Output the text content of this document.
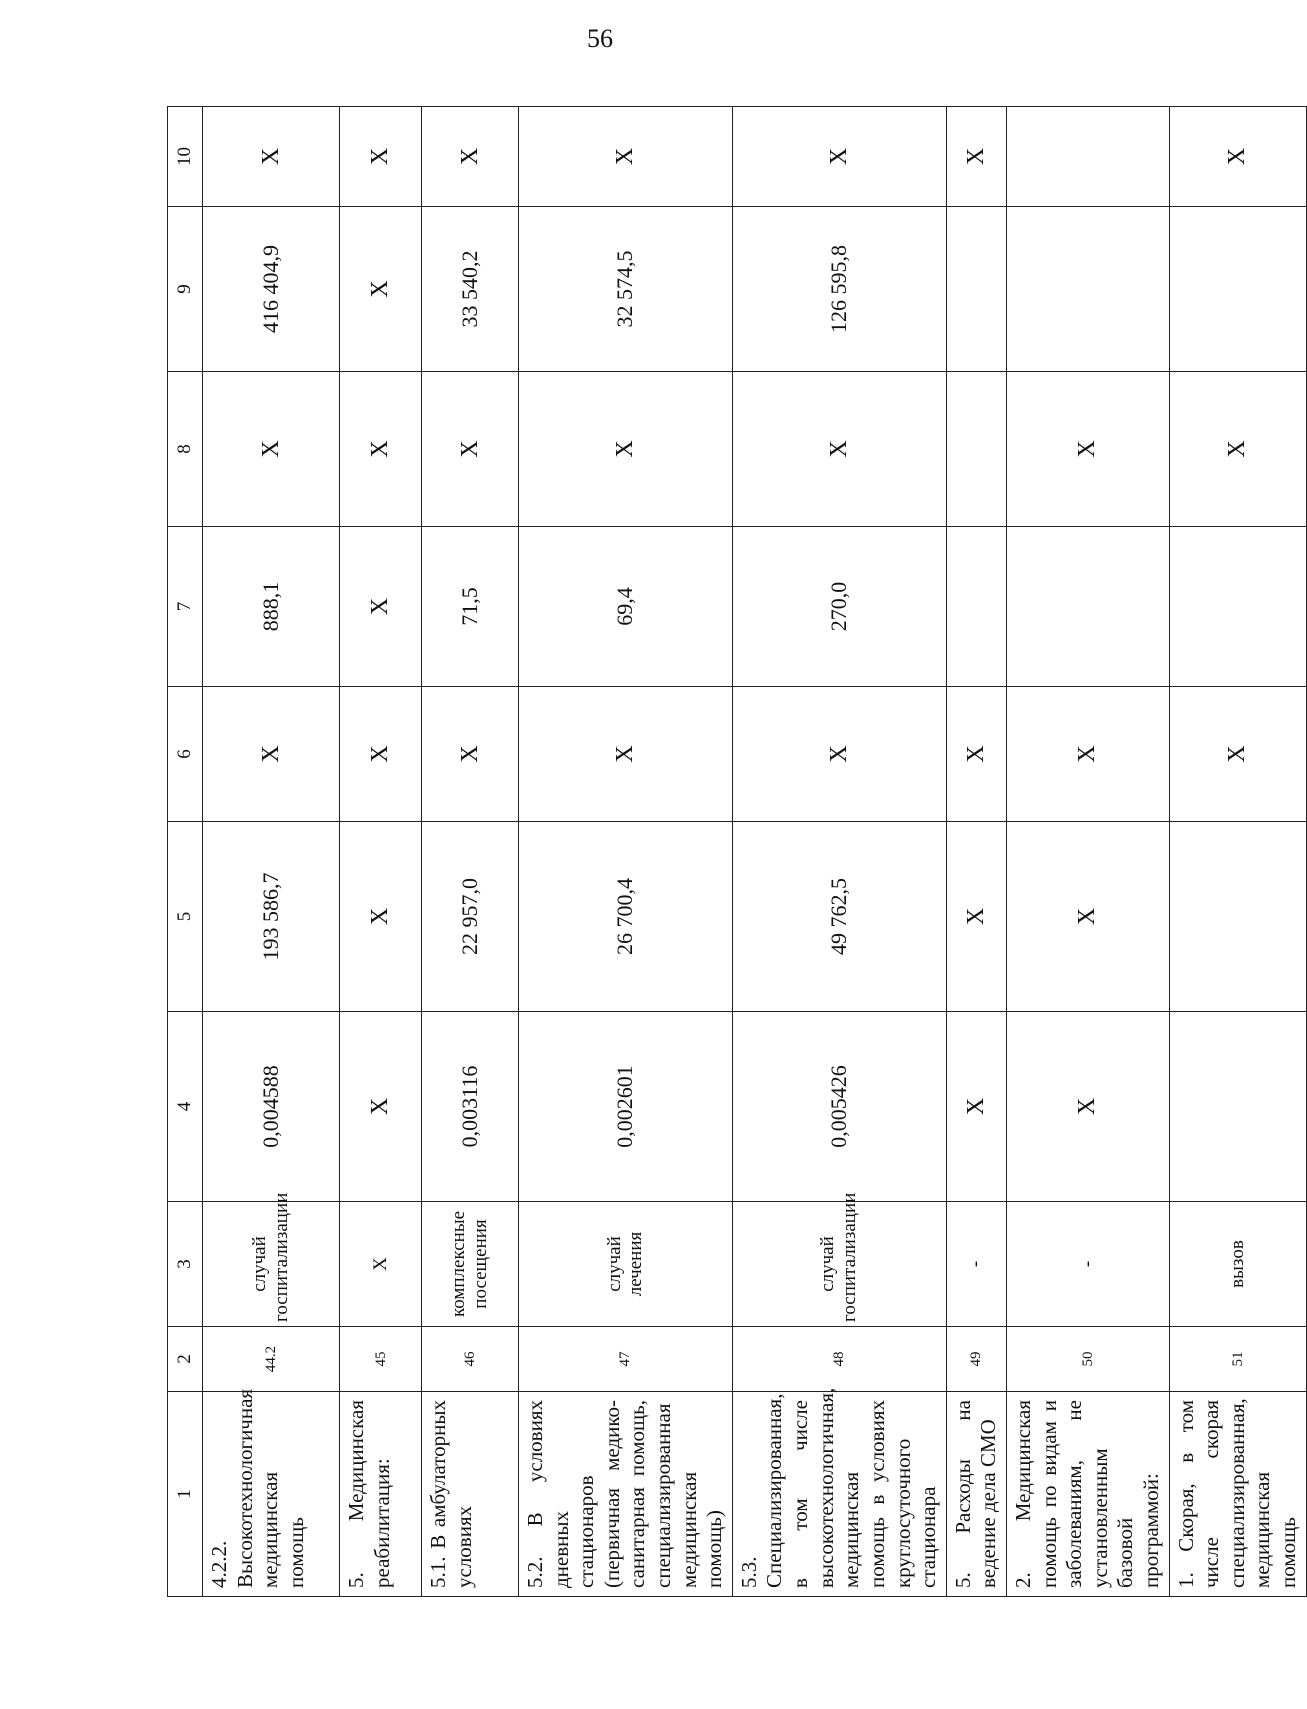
56
1	2	3	4	5	6	7	8	9	10
4.2.2. Высокотехнологичная медицинская помощь	44.2	случай госпитализации	0,004588	193 586,7	Х	888,1	Х	416 404,9	Х
5. Медицинская реабилитация:	45	Х	Х	Х	Х	Х	Х	Х	Х
5.1. В амбулаторных условиях	46	комплексные посещения	0,003116	22 957,0	Х	71,5	Х	33 540,2	Х
5.2. В условиях дневных стационаров (первичная медико-санитарная помощь, специализированная медицинская помощь)	47	случай лечения	0,002601	26 700,4	Х	69,4	Х	32 574,5	Х
5.3. Специализированная, в том числе высокотехнологичная, медицинская помощь в условиях круглосуточного стационара	48	случай госпитализации	0,005426	49 762,5	Х	270,0	Х	126 595,8	Х
5. Расходы на ведение дела СМО	49	-	Х	Х	Х				Х
2. Медицинская помощь по видам и заболеваниям, не установленным базовой программой:	50	-	Х	Х	Х		Х		
1. Скорая, в том числе скорая специализированная, медицинская помощь	51	вызов			Х		Х		Х
